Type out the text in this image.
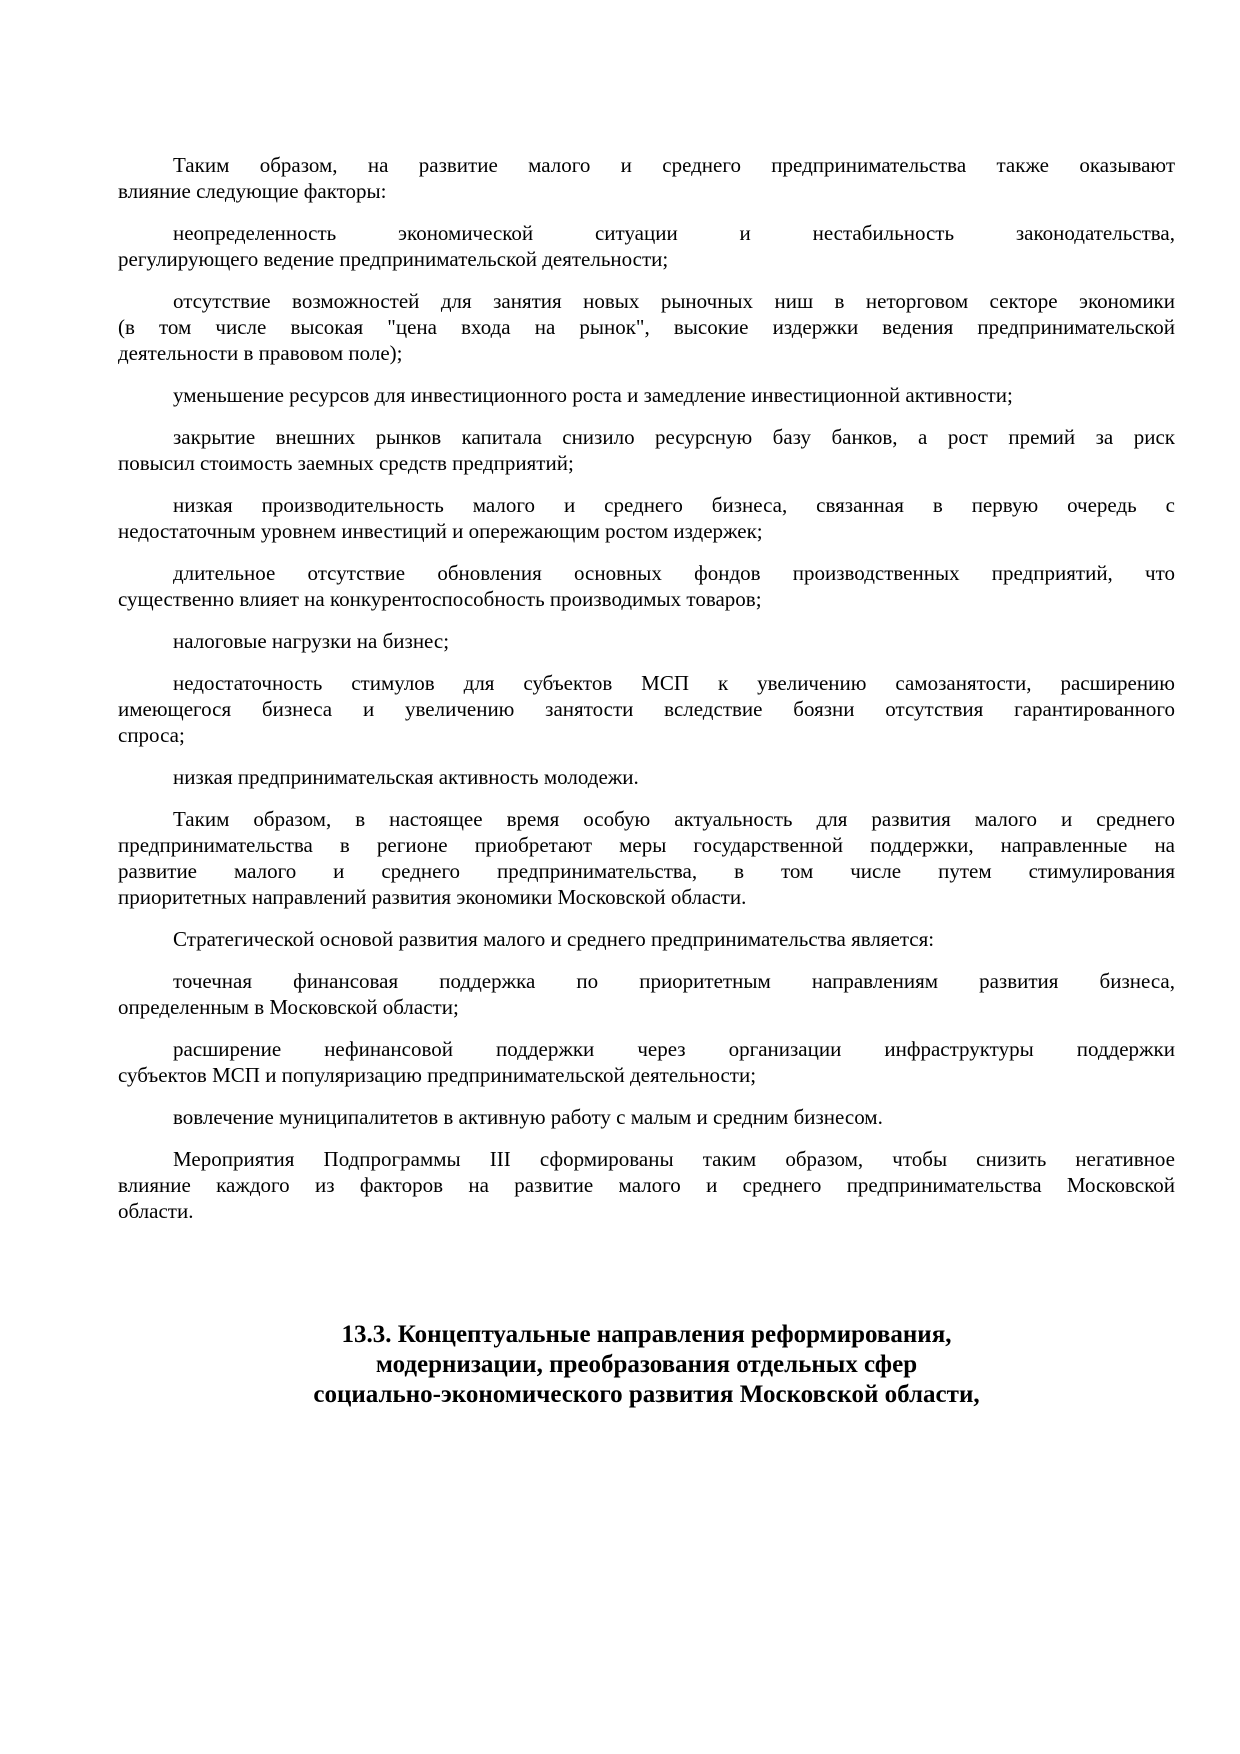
Таким образом, на развитие малого и среднего предпринимательства также оказывают
влияние следующие факторы:
неопределенность экономической ситуации и нестабильность законодательства,
регулирующего ведение предпринимательской деятельности;
отсутствие возможностей для занятия новых рыночных ниш в неторговом секторе экономики
(в том числе высокая "цена входа на рынок", высокие издержки ведения предпринимательской
деятельности в правовом поле);
уменьшение ресурсов для инвестиционного роста и замедление инвестиционной активности;
закрытие внешних рынков капитала снизило ресурсную базу банков, а рост премий за риск
повысил стоимость заемных средств предприятий;
низкая производительность малого и среднего бизнеса, связанная в первую очередь с
недостаточным уровнем инвестиций и опережающим ростом издержек;
длительное отсутствие обновления основных фондов производственных предприятий, что
существенно влияет на конкурентоспособность производимых товаров;
налоговые нагрузки на бизнес;
недостаточность стимулов для субъектов МСП к увеличению самозанятости, расширению
имеющегося бизнеса и увеличению занятости вследствие боязни отсутствия гарантированного
спроса;
низкая предпринимательская активность молодежи.
Таким образом, в настоящее время особую актуальность для развития малого и среднего
предпринимательства в регионе приобретают меры государственной поддержки, направленные на
развитие малого и среднего предпринимательства, в том числе путем стимулирования
приоритетных направлений развития экономики Московской области.
Стратегической основой развития малого и среднего предпринимательства является:
точечная финансовая поддержка по приоритетным направлениям развития бизнеса,
определенным в Московской области;
расширение нефинансовой поддержки через организации инфраструктуры поддержки
субъектов МСП и популяризацию предпринимательской деятельности;
вовлечение муниципалитетов в активную работу с малым и средним бизнесом.
Мероприятия Подпрограммы III сформированы таким образом, чтобы снизить негативное
влияние каждого из факторов на развитие малого и среднего предпринимательства Московской
области.
13.3. Концептуальные направления реформирования,
модернизации, преобразования отдельных сфер
социально-экономического развития Московской области,
